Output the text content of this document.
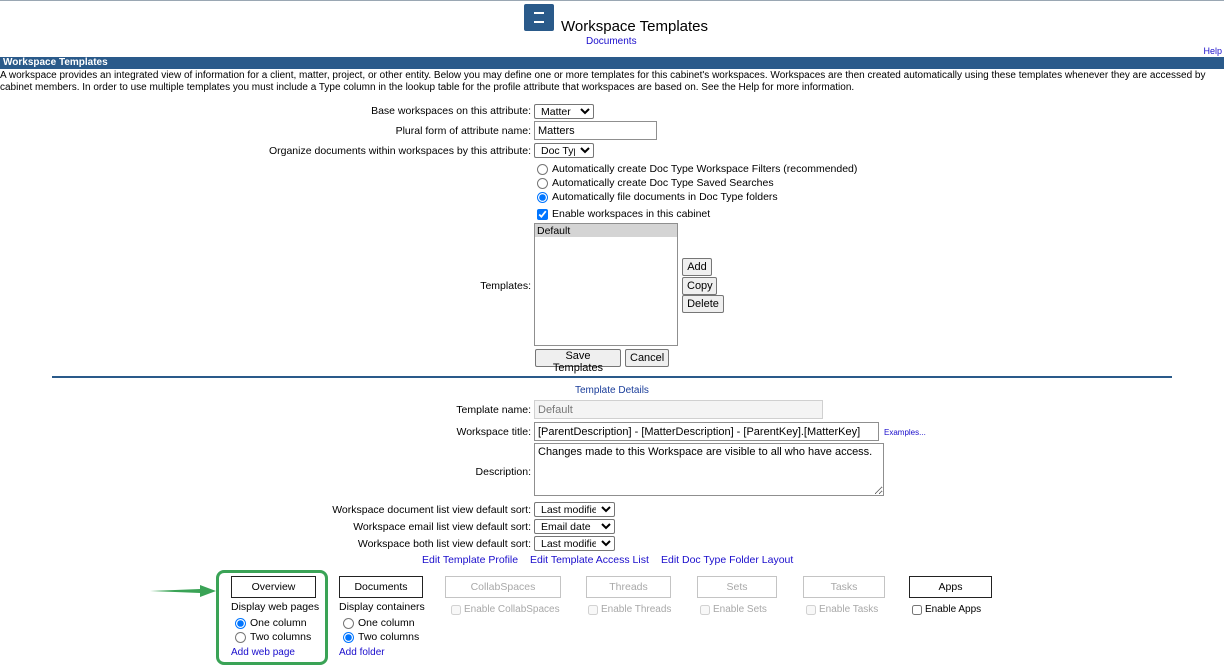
Workspace Templates
Documents
Help
Workspace Templates
A workspace provides an integrated view of information for a client, matter, project, or other entity. Below you may define one or more templates for this cabinet's workspaces. Workspaces are then created automatically using these templates whenever they are accessed by cabinet members. In order to use multiple templates you must include a Type column in the lookup table for the profile attribute that workspaces are based on. See the Help for more information.
Base workspaces on this attribute:
Matter
Plural form of attribute name:
Matters
Organize documents within workspaces by this attribute:
Doc Type
Automatically create Doc Type Workspace Filters (recommended)
Automatically create Doc Type Saved Searches
Automatically file documents in Doc Type folders
Enable workspaces in this cabinet
Templates:
Default
Add
Copy
Delete
Save Templates
Cancel
Template Details
Template name:
Default
Workspace title:
[ParentDescription] - [MatterDescription] - [ParentKey].[MatterKey]	Examples...
Description:
Changes made to this Workspace are visible to all who have access.
Workspace document list view default sort:
Last modified
Workspace email list view default sort:
Email date
Workspace both list view default sort:
Last modified
Edit Template Profile Edit Template Access List Edit Doc Type Folder Layout
Overview	Documents	CollabSpaces	Threads	Sets	Tasks	Apps
Display web pages
One column
Two columns
Add web page
Display containers
One column
Two columns
Add folder
Enable CollabSpaces	Enable Threads	Enable Sets	Enable Tasks	Enable Apps
